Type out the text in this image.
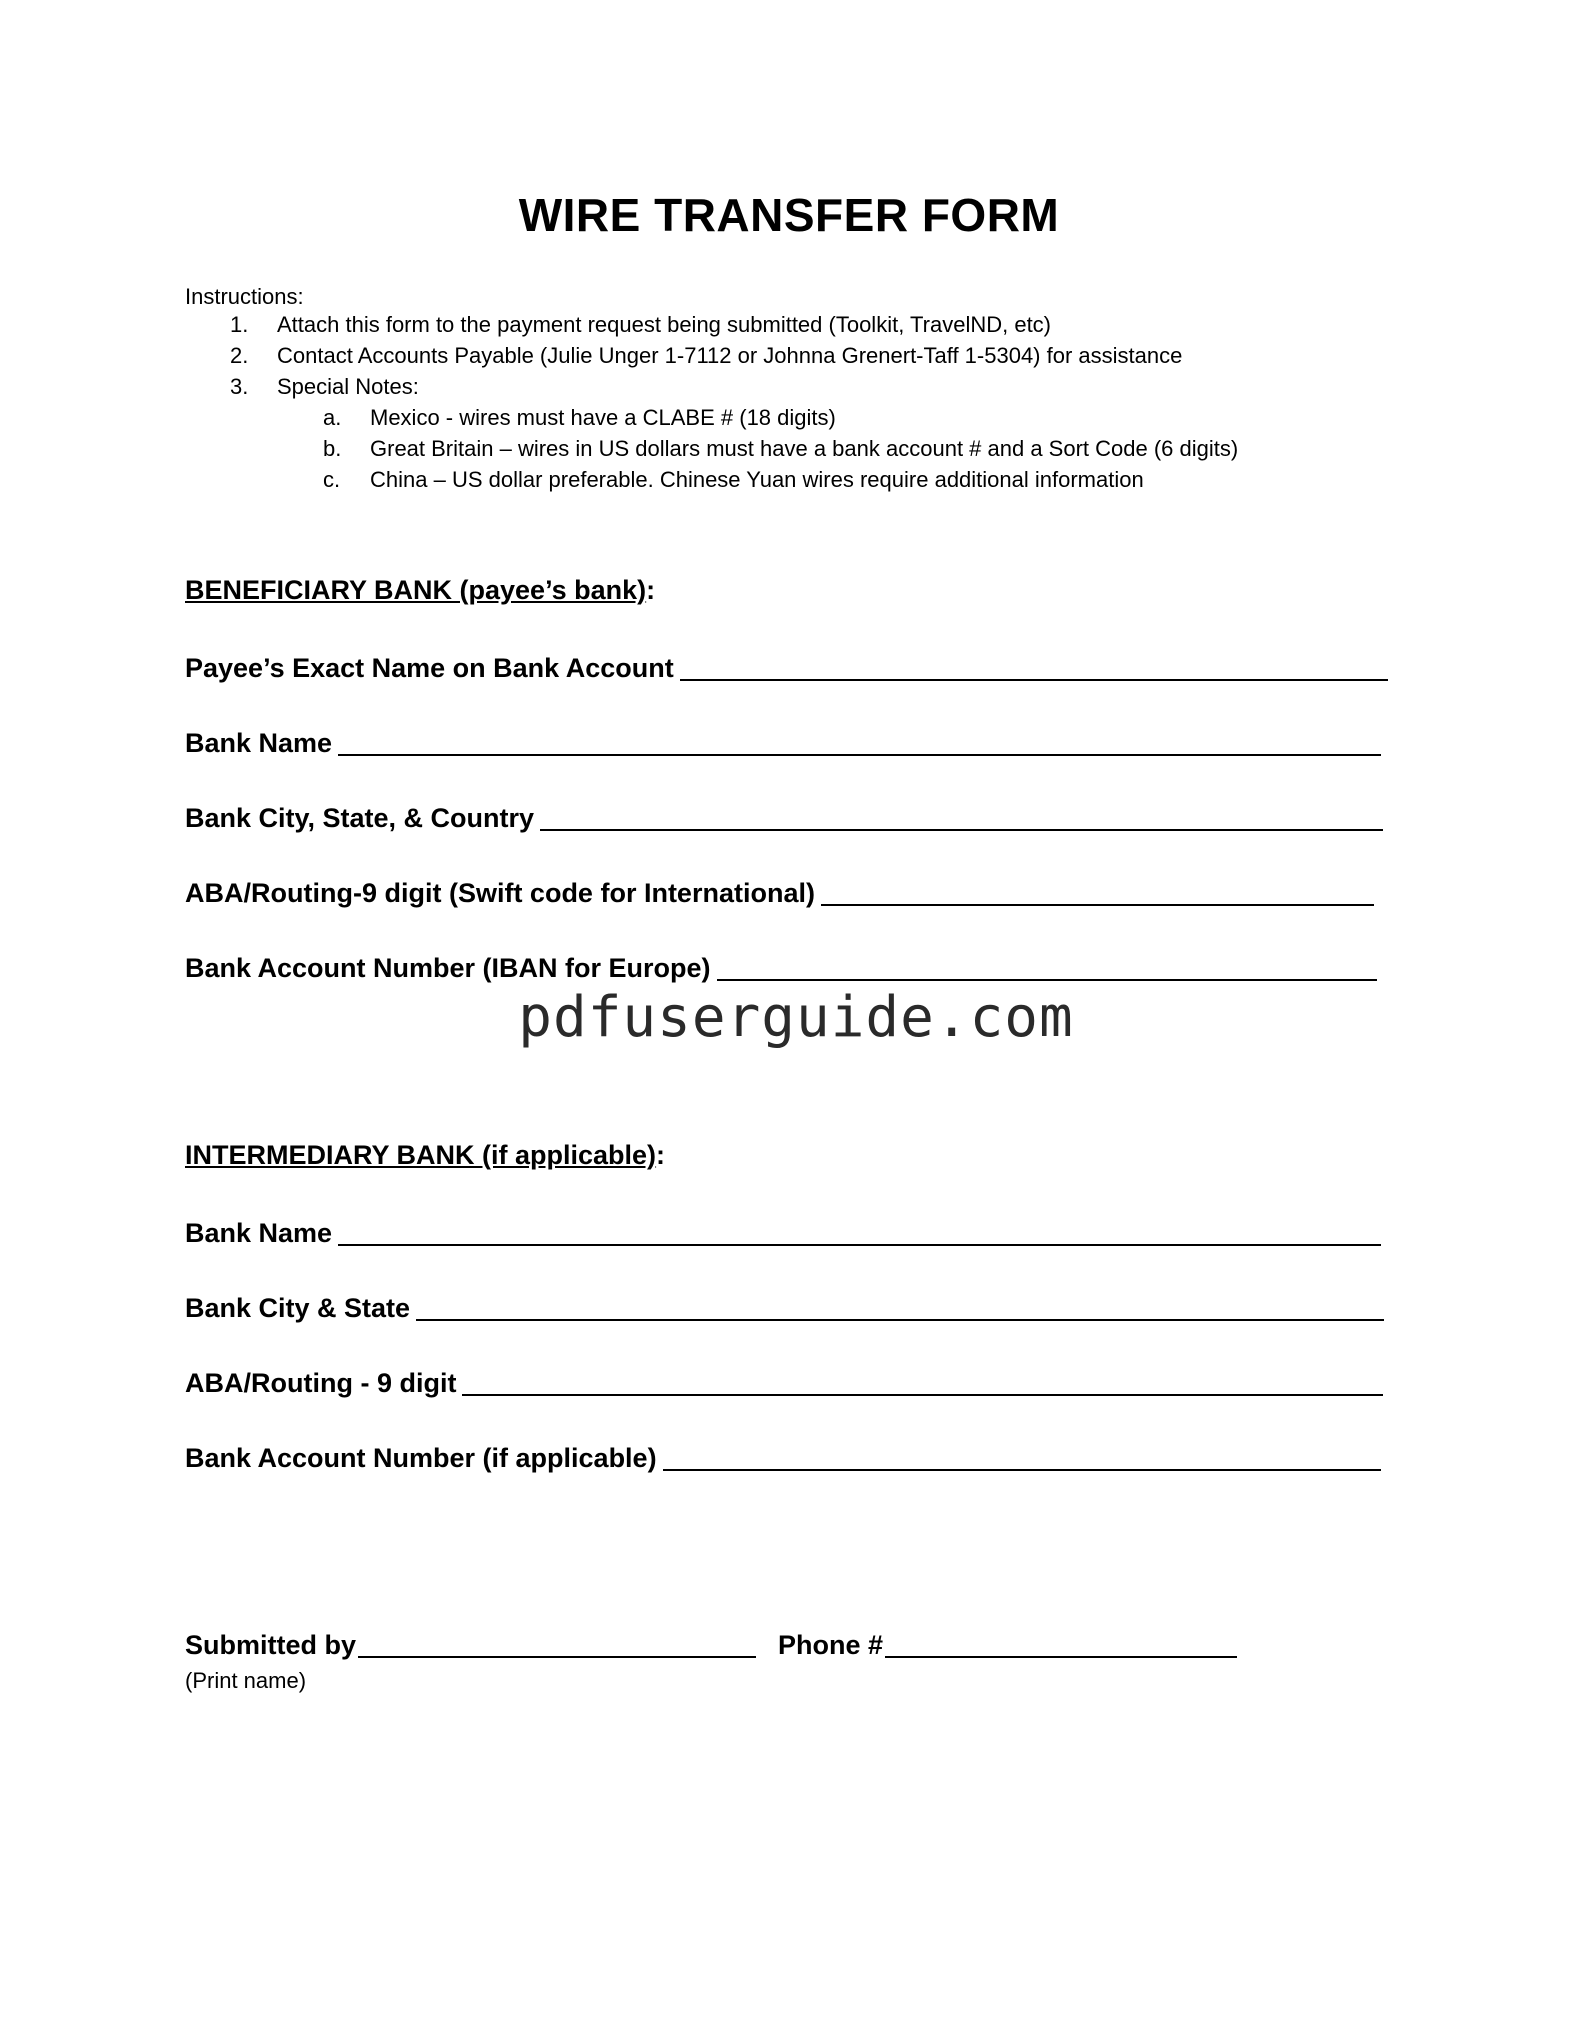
WIRE TRANSFER FORM
Instructions:
1. Attach this form to the payment request being submitted (Toolkit, TravelND, etc)
2. Contact Accounts Payable (Julie Unger 1-7112 or Johnna Grenert-Taff 1-5304) for assistance
3. Special Notes:
a. Mexico - wires must have a CLABE # (18 digits)
b. Great Britain – wires in US dollars must have a bank account # and a Sort Code (6 digits)
c. China – US dollar preferable. Chinese Yuan wires require additional information
BENEFICIARY BANK (payee’s bank):
Payee’s Exact Name on Bank Account
Bank Name
Bank City, State, & Country
ABA/Routing-9 digit (Swift code for International)
Bank Account Number (IBAN for Europe)
pdfuserguide.com
INTERMEDIARY BANK (if applicable):
Bank Name
Bank City & State
ABA/Routing - 9 digit
Bank Account Number (if applicable)
Submitted by	Phone #
(Print name)
